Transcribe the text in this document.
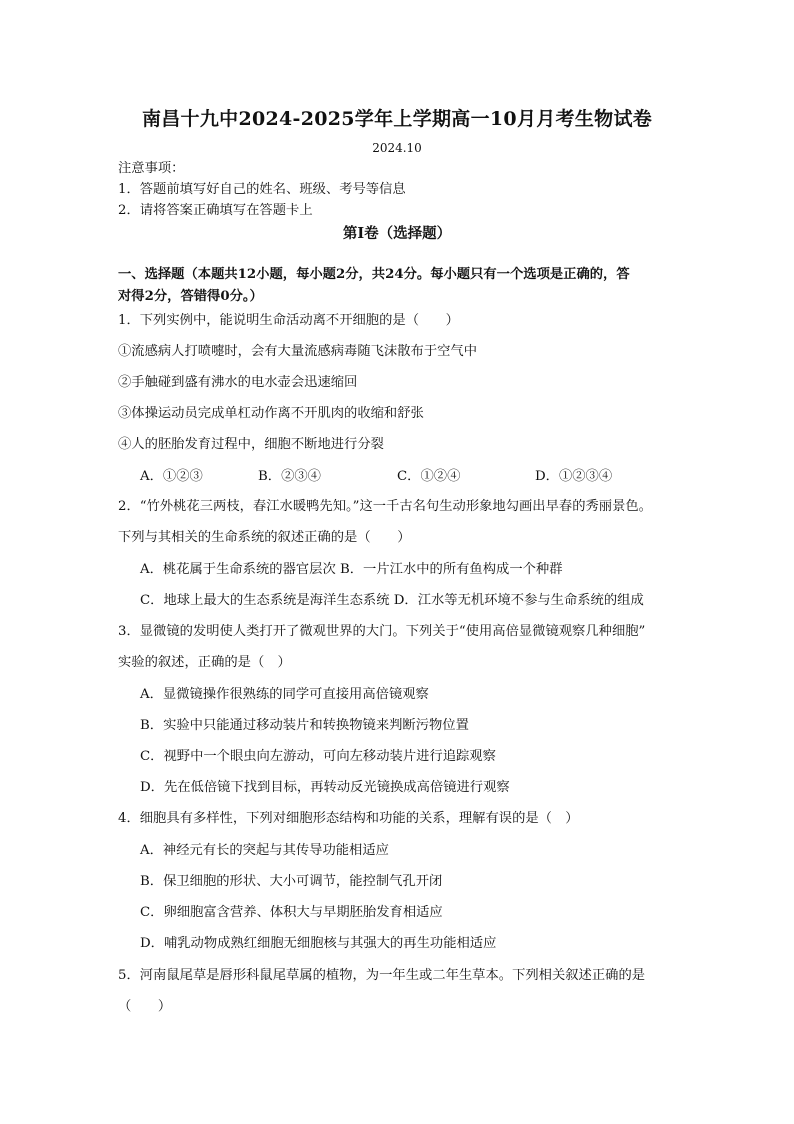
南昌十九中2024-2025学年上学期高一10月月考生物试卷
2024.10
注意事项：
1．答题前填写好自己的姓名、班级、考号等信息
2．请将答案正确填写在答题卡上
第I卷（选择题）
一、选择题（本题共12小题，每小题2分，共24分。每小题只有一个选项是正确的，答
对得2分，答错得0分。）
1．下列实例中，能说明生命活动离不开细胞的是（　　）
①流感病人打喷嚏时，会有大量流感病毒随飞沫散布于空气中
②手触碰到盛有沸水的电水壶会迅速缩回
③体操运动员完成单杠动作离不开肌肉的收缩和舒张
④人的胚胎发育过程中，细胞不断地进行分裂
A．①②③	B．②③④	C．①②④	D．①②③④
2．“竹外桃花三两枝，春江水暖鸭先知。”这一千古名句生动形象地勾画出早春的秀丽景色。
下列与其相关的生命系统的叙述正确的是（　　）
A．桃花属于生命系统的器官层次 B．一片江水中的所有鱼构成一个种群
C．地球上最大的生态系统是海洋生态系统 D．江水等无机环境不参与生命系统的组成
3．显微镜的发明使人类打开了微观世界的大门。下列关于“使用高倍显微镜观察几种细胞”
实验的叙述，正确的是（　）
A．显微镜操作很熟练的同学可直接用高倍镜观察
B．实验中只能通过移动装片和转换物镜来判断污物位置
C．视野中一个眼虫向左游动，可向左移动装片进行追踪观察
D．先在低倍镜下找到目标，再转动反光镜换成高倍镜进行观察
4．细胞具有多样性，下列对细胞形态结构和功能的关系，理解有误的是（　）
A．神经元有长的突起与其传导功能相适应
B．保卫细胞的形状、大小可调节，能控制气孔开闭
C．卵细胞富含营养、体积大与早期胚胎发育相适应
D．哺乳动物成熟红细胞无细胞核与其强大的再生功能相适应
5．河南鼠尾草是唇形科鼠尾草属的植物，为一年生或二年生草本。下列相关叙述正确的是
（　　）
